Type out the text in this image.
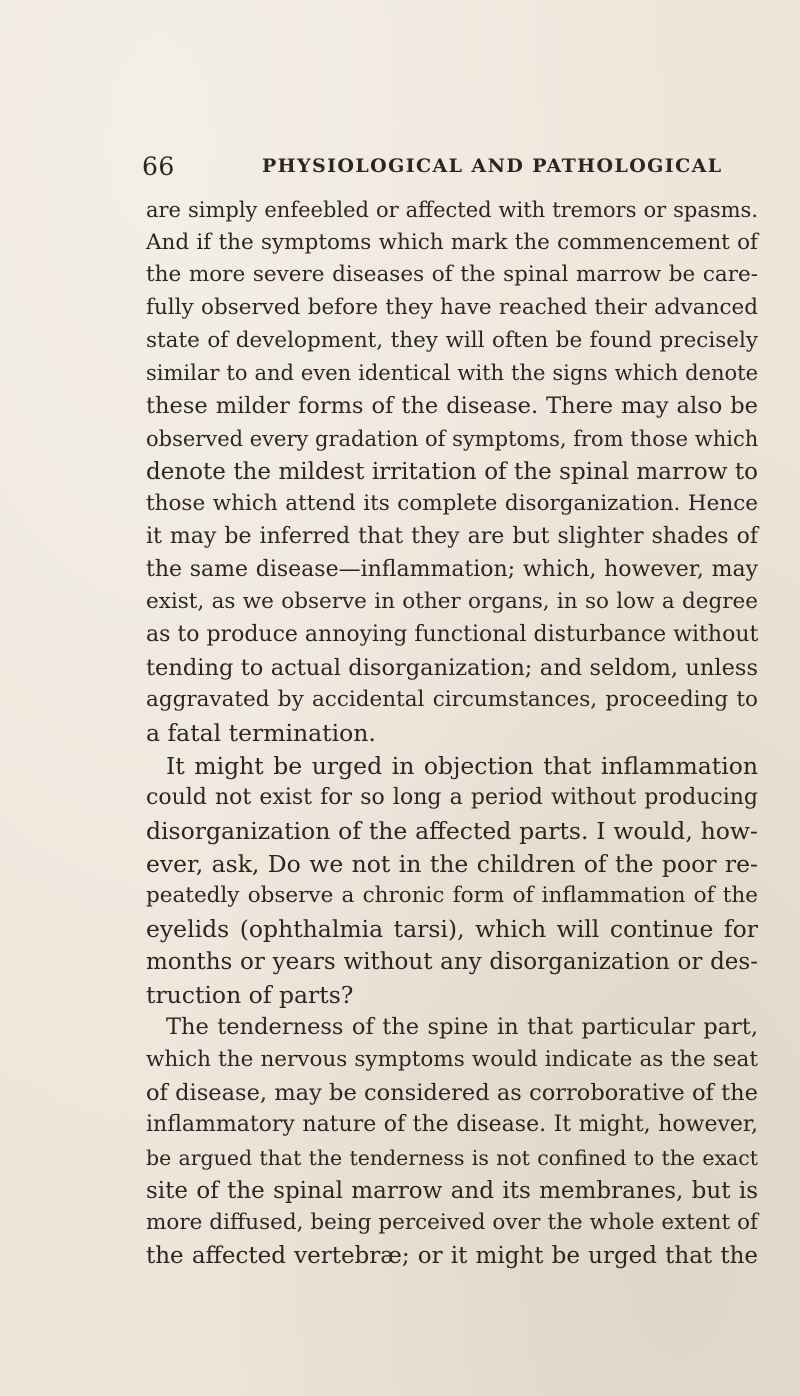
66	PHYSIOLOGICAL AND PATHOLOGICAL
are simply enfeebled or affected with tremors or spasms.
And if the symptoms which mark the commencement of
the more severe diseases of the spinal marrow be care-
fully observed before they have reached their advanced
state of development, they will often be found precisely
similar to and even identical with the signs which denote
these milder forms of the disease. There may also be
observed every gradation of symptoms, from those which
denote the mildest irritation of the spinal marrow to
those which attend its complete disorganization. Hence
it may be inferred that they are but slighter shades of
the same disease—inflammation; which, however, may
exist, as we observe in other organs, in so low a degree
as to produce annoying functional disturbance without
tending to actual disorganization; and seldom, unless
aggravated by accidental circumstances, proceeding to
a fatal termination.
It might be urged in objection that inflammation
could not exist for so long a period without producing
disorganization of the affected parts. I would, how-
ever, ask, Do we not in the children of the poor re-
peatedly observe a chronic form of inflammation of the
eyelids (ophthalmia tarsi), which will continue for
months or years without any disorganization or des-
truction of parts?
The tenderness of the spine in that particular part,
which the nervous symptoms would indicate as the seat
of disease, may be considered as corroborative of the
inflammatory nature of the disease. It might, however,
be argued that the tenderness is not confined to the exact
site of the spinal marrow and its membranes, but is
more diffused, being perceived over the whole extent of
the affected vertebræ; or it might be urged that the
